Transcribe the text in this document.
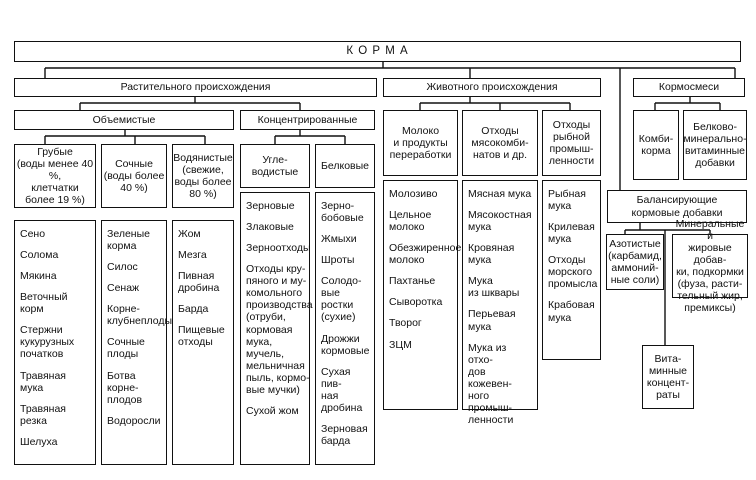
К О Р М А
Растительного происхождения	Животного происхождения	Кормосмеси
Объемистые	Концентрированные
Грубые
(воды менее 40 %,
клетчатки
более 19 %)
Сочные
(воды более
40 %)
Водянистые
(свежие,
воды более
80 %)
Угле-
водистые
Белковые
Сено
Солома
Мякина
Веточный корм
Стержни
кукурузных
початков
Травяная мука
Травяная резка
Шелуха
Зеленые
корма
Силос
Сенаж
Корне-
клубнеплоды
Сочные
плоды
Ботва корнe-
плодов
Водоросли
Жом
Мезга
Пивная
дробина
Барда
Пищевые
отходы
Зерновые
Злаковые
Зерноотходы
Отходы кру-
пяного и му-
комольного
производства
(отруби,
кормовая
мука, мучель,
мельничная
пыль, кормо-
вые мучки)
Сухой жом
Зерно-
бобовые
Жмыхи
Шроты
Солодо-
вые ростки
(сухие)
Дрожжи
кормовые
Сухая пив-
ная дробина
Зерновая
барда
Молоко
и продукты
переработки
Отходы
мясокомби-
натов и др.
Отходы
рыбной
промыш-
ленности
Молозиво
Цельное
молоко
Обезжиренное
молоко
Пахтанье
Сыворотка
Творог
ЗЦМ
Мясная мука
Мясокостная
мука
Кровяная мука
Мука
из шквары
Перьевая мука
Мука из отхо-
дов кожевен-
ного промыш-
ленности
Рыбная
мука
Крилевая
мука
Отходы
морского
промысла
Крабовая
мука
Комби-
корма
Белково-
минерально-
витаминные
добавки
Балансирующие
кормовые добавки
Азотистые
(карбамид,
аммоний-
ные соли)
Минеральные и
жировые добав-
ки, подкормки
(фуза, расти-
тельный жир,
премиксы)
Вита-
минные
концент-
раты
